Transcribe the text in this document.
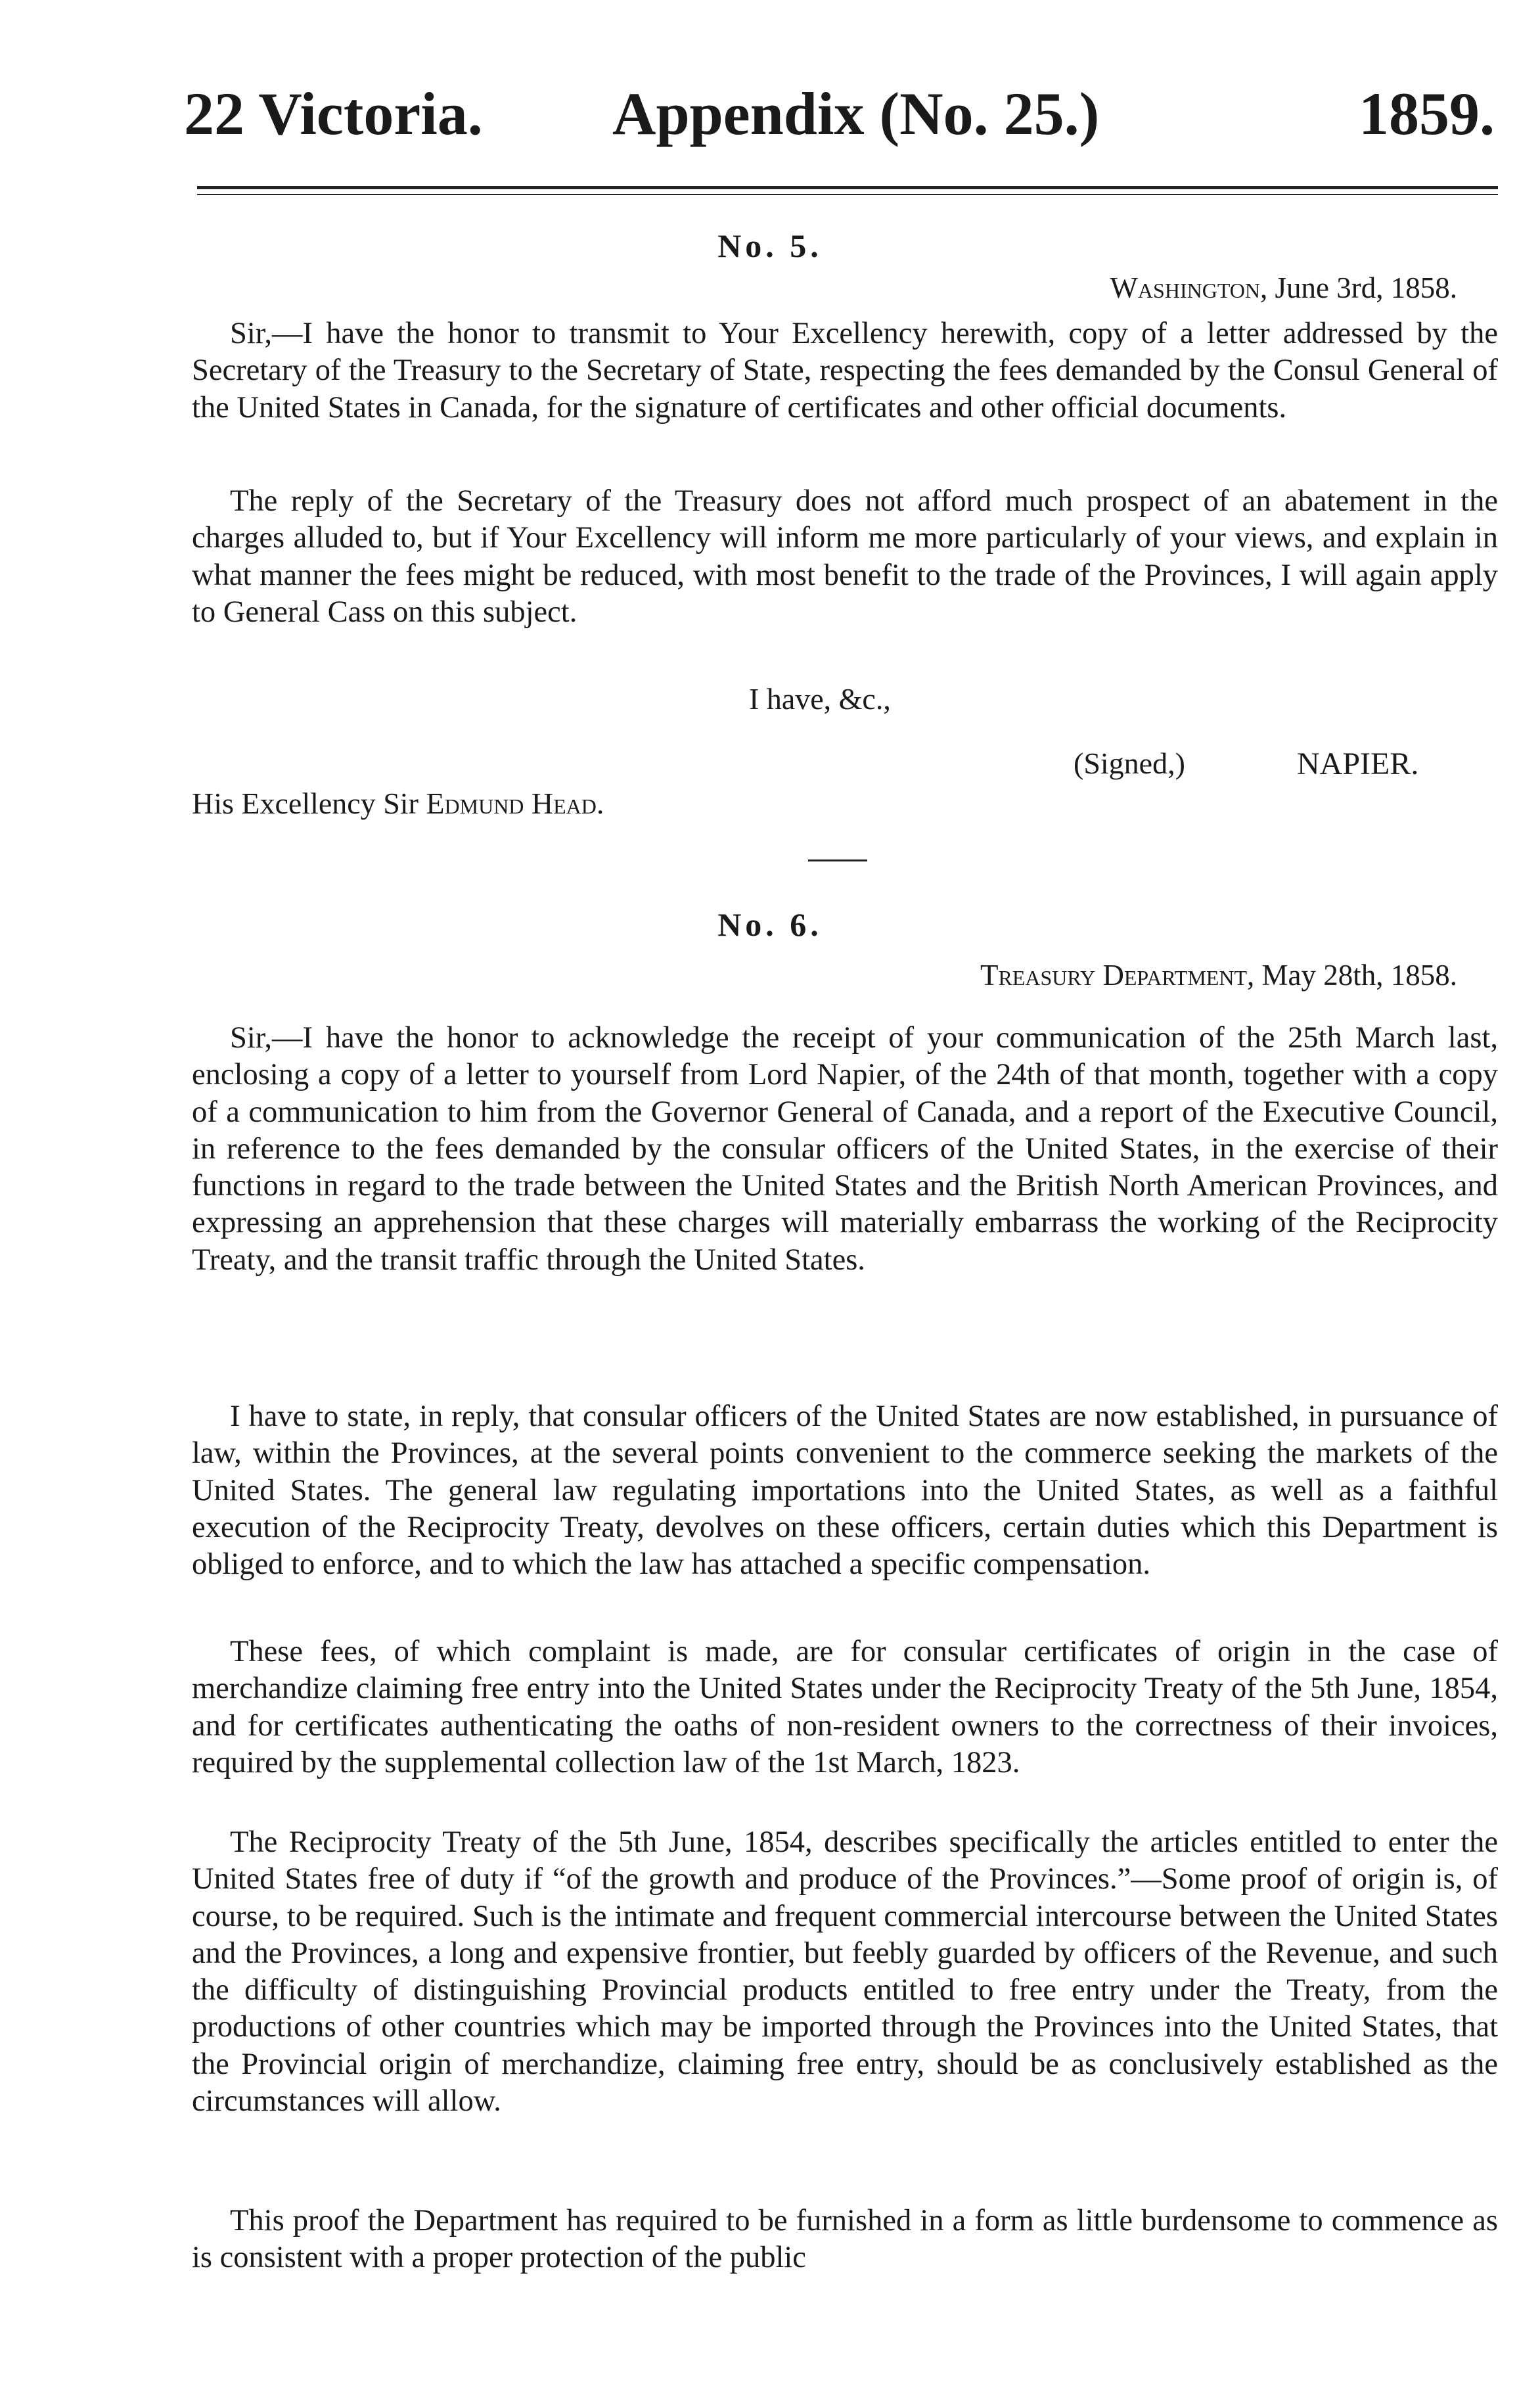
22 Victoria. Appendix (No. 25.)	1859.
No. 5.
Washington, June 3rd, 1858.

Sir,—I have the honor to transmit to Your Excellency herewith, copy of a letter addressed by the Secretary of the Treasury to the Secretary of State, respecting the fees demanded by the Consul General of the United States in Canada, for the signature of certificates and other official documents.

The reply of the Secretary of the Treasury does not afford much prospect of an abatement in the charges alluded to, but if Your Excellency will inform me more particularly of your views, and explain in what manner the fees might be reduced, with most benefit to the trade of the Provinces, I will again apply to General Cass on this subject.

I have, &c.,
(Signed,)	NAPIER.
His Excellency Sir Edmund Head.
No. 6.
Treasury Department, May 28th, 1858.

Sir,—I have the honor to acknowledge the receipt of your communication of the 25th March last, enclosing a copy of a letter to yourself from Lord Napier, of the 24th of that month, together with a copy of a communication to him from the Governor General of Canada, and a report of the Executive Council, in reference to the fees demanded by the consular officers of the United States, in the exercise of their functions in regard to the trade between the United States and the British North American Provinces, and expressing an apprehension that these charges will materially embarrass the working of the Reciprocity Treaty, and the transit traffic through the United States.

I have to state, in reply, that consular officers of the United States are now established, in pursuance of law, within the Provinces, at the several points convenient to the commerce seeking the markets of the United States. The general law regulating importations into the United States, as well as a faithful execution of the Reciprocity Treaty, devolves on these officers, certain duties which this Department is obliged to enforce, and to which the law has attached a specific compensation.

These fees, of which complaint is made, are for consular certificates of origin in the case of merchandize claiming free entry into the United States under the Reciprocity Treaty of the 5th June, 1854, and for certificates authenticating the oaths of non-resident owners to the correctness of their invoices, required by the supplemental collection law of the 1st March, 1823.

The Reciprocity Treaty of the 5th June, 1854, describes specifically the articles entitled to enter the United States free of duty if “of the growth and produce of the Provinces.”—Some proof of origin is, of course, to be required. Such is the intimate and frequent commercial intercourse between the United States and the Provinces, a long and expensive frontier, but feebly guarded by officers of the Revenue, and such the difficulty of distinguishing Provincial products entitled to free entry under the Treaty, from the productions of other countries which may be imported through the Provinces into the United States, that the Provincial origin of merchandize, claiming free entry, should be as conclusively established as the circumstances will allow.

This proof the Department has required to be furnished in a form as little burdensome to commence as is consistent with a proper protection of the public
